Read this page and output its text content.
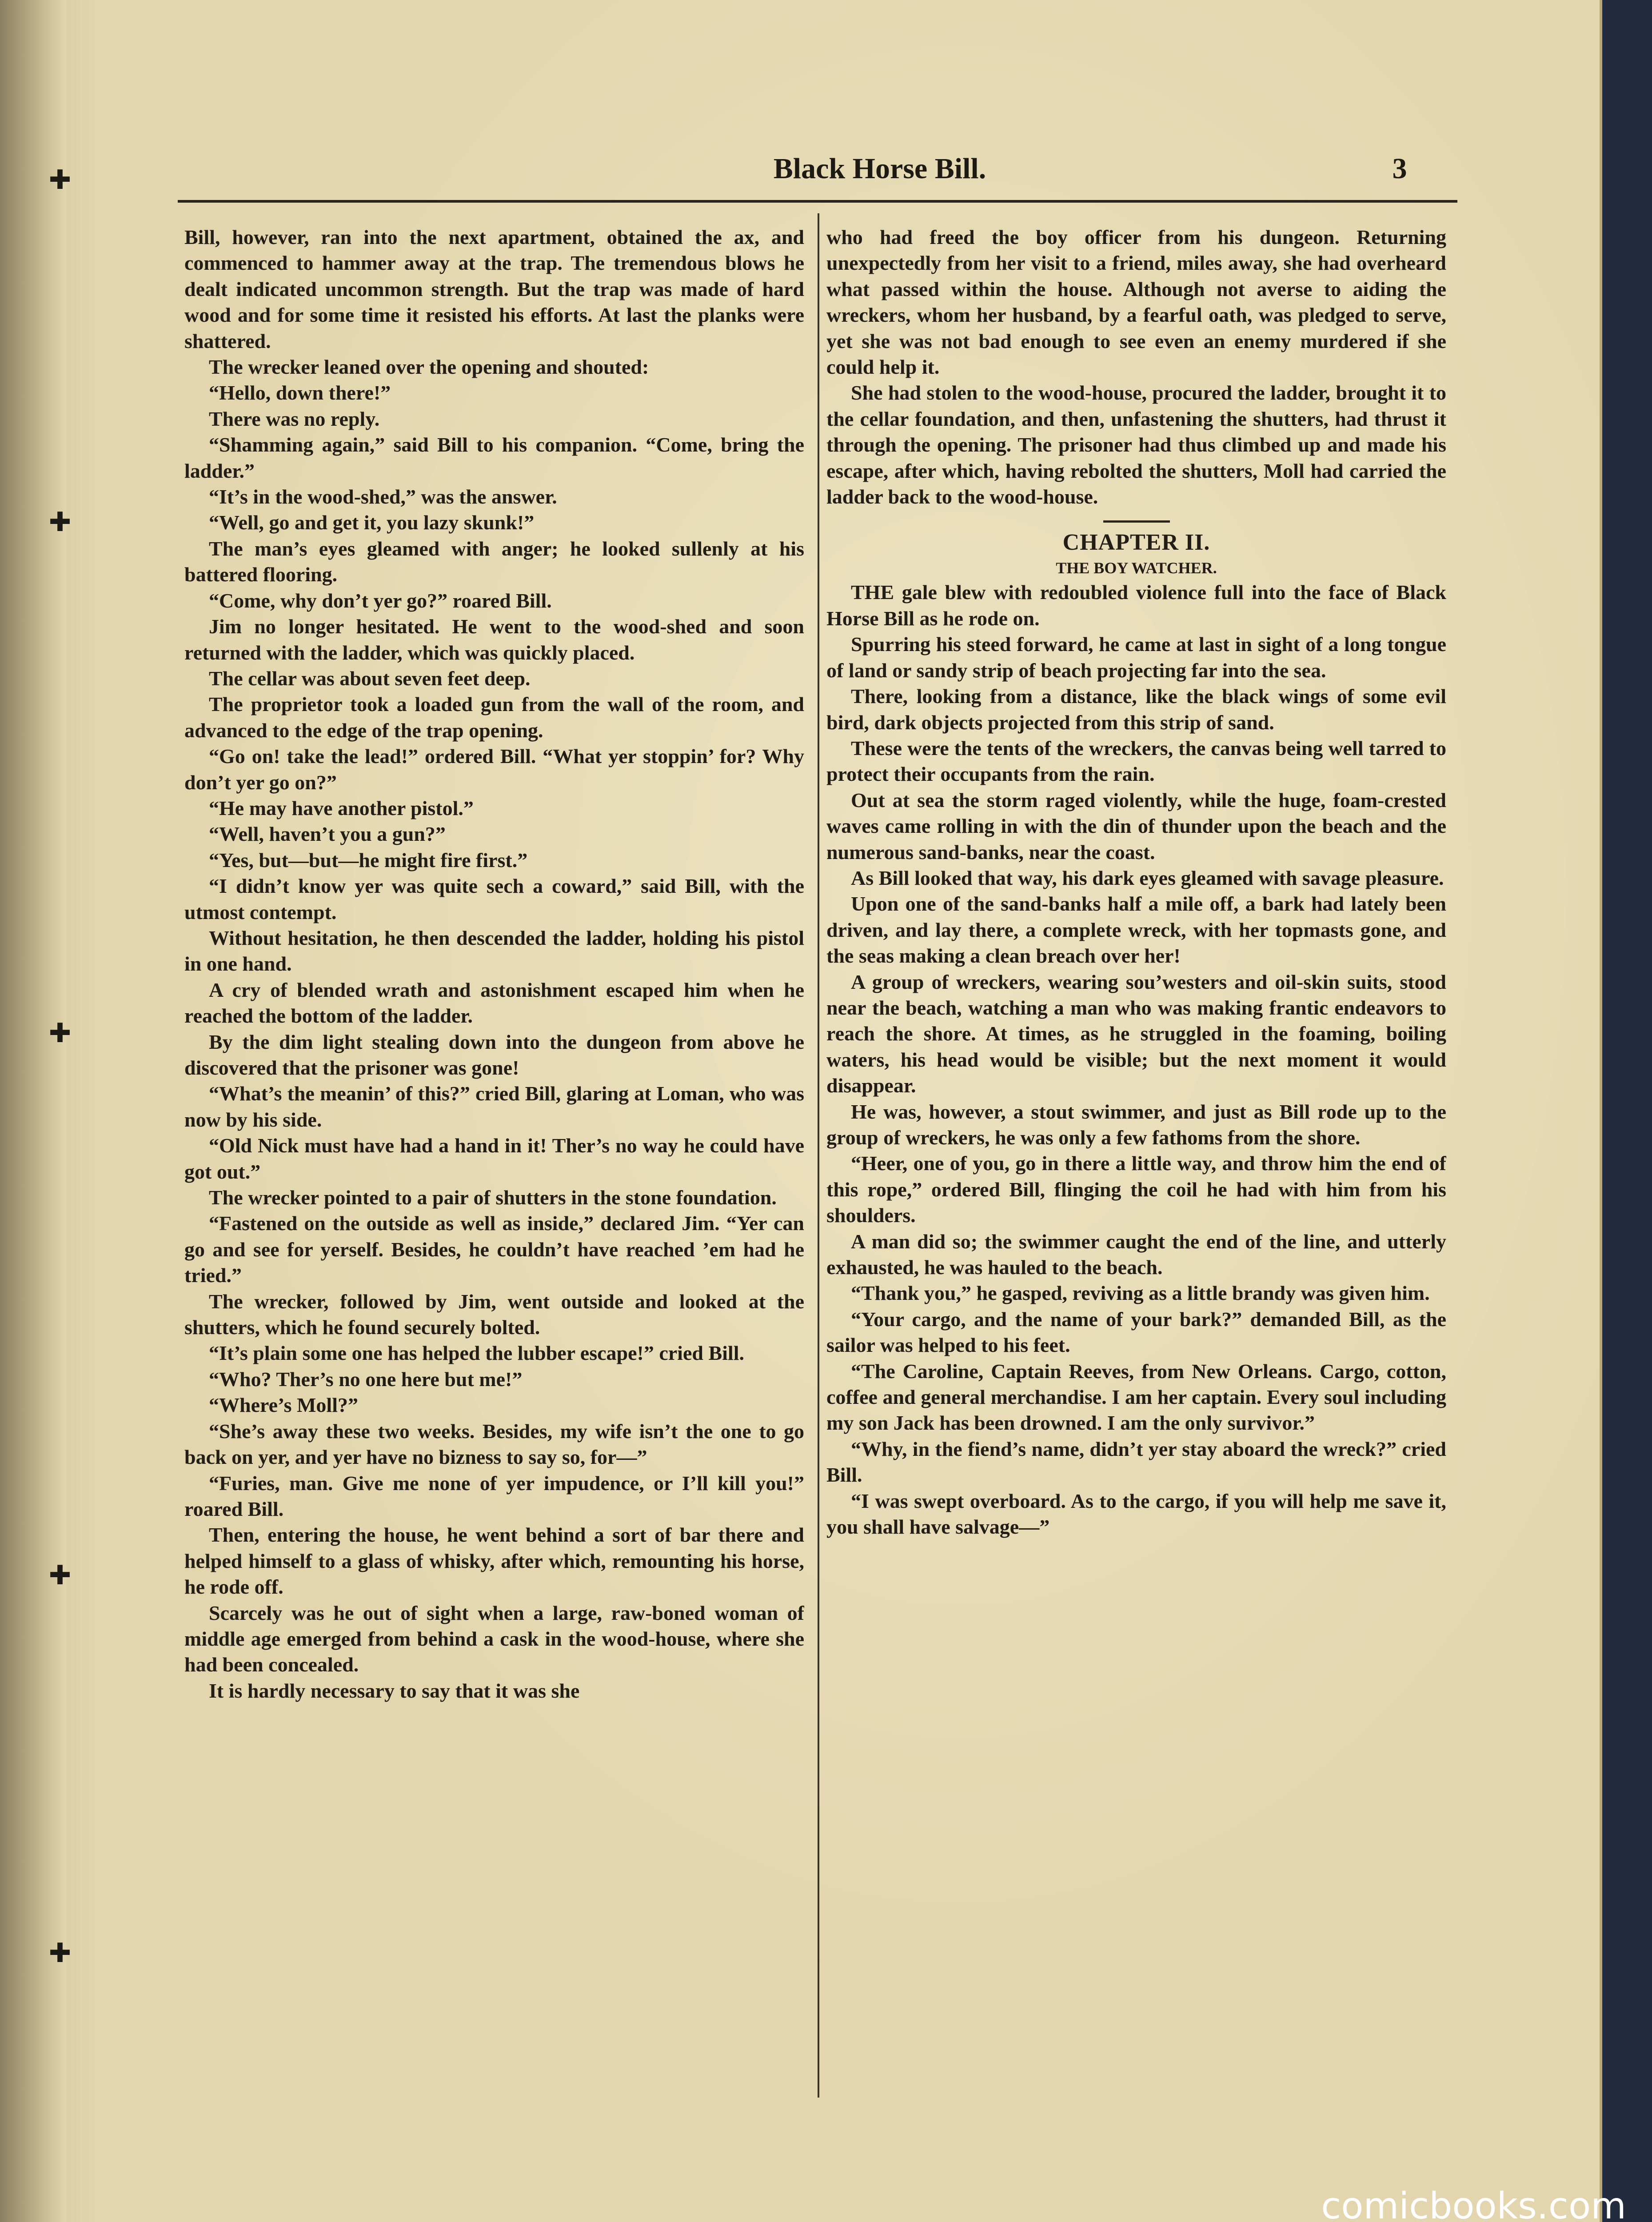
✚
✚
✚
✚
✚
Black Horse Bill.	3

Bill, however, ran into the next apartment, obtained the ax, and commenced to hammer away at the trap. The tremendous blows he dealt indicated uncommon strength. But the trap was made of hard wood and for some time it resisted his efforts. At last the planks were shattered.

The wrecker leaned over the opening and shouted:

“Hello, down there!”

There was no reply.

“Shamming again,” said Bill to his companion. “Come, bring the ladder.”

“It’s in the wood-shed,” was the answer.

“Well, go and get it, you lazy skunk!”

The man’s eyes gleamed with anger; he looked sullenly at his battered flooring.

“Come, why don’t yer go?” roared Bill.

Jim no longer hesitated. He went to the wood-shed and soon returned with the ladder, which was quickly placed.

The cellar was about seven feet deep.

The proprietor took a loaded gun from the wall of the room, and advanced to the edge of the trap opening.

“Go on! take the lead!” ordered Bill. “What yer stoppin’ for? Why don’t yer go on?”

“He may have another pistol.”

“Well, haven’t you a gun?”

“Yes, but—but—he might fire first.”

“I didn’t know yer was quite sech a coward,” said Bill, with the utmost contempt.

Without hesitation, he then descended the ladder, holding his pistol in one hand.

A cry of blended wrath and astonishment escaped him when he reached the bottom of the ladder.

By the dim light stealing down into the dungeon from above he discovered that the prisoner was gone!

“What’s the meanin’ of this?” cried Bill, glaring at Loman, who was now by his side.

“Old Nick must have had a hand in it! Ther’s no way he could have got out.”

The wrecker pointed to a pair of shutters in the stone foundation.

“Fastened on the outside as well as inside,” declared Jim. “Yer can go and see for yerself. Besides, he couldn’t have reached ’em had he tried.”

The wrecker, followed by Jim, went outside and looked at the shutters, which he found securely bolted.

“It’s plain some one has helped the lubber escape!” cried Bill.

“Who? Ther’s no one here but me!”

“Where’s Moll?”

“She’s away these two weeks. Besides, my wife isn’t the one to go back on yer, and yer have no bizness to say so, for—”

“Furies, man. Give me none of yer impudence, or I’ll kill you!” roared Bill.

Then, entering the house, he went behind a sort of bar there and helped himself to a glass of whisky, after which, remounting his horse, he rode off.

Scarcely was he out of sight when a large, raw-boned woman of middle age emerged from behind a cask in the wood-house, where she had been concealed.

It is hardly necessary to say that it was she

who had freed the boy officer from his dungeon. Returning unexpectedly from her visit to a friend, miles away, she had overheard what passed within the house. Although not averse to aiding the wreckers, whom her husband, by a fearful oath, was pledged to serve, yet she was not bad enough to see even an enemy murdered if she could help it.

She had stolen to the wood-house, procured the ladder, brought it to the cellar foundation, and then, unfastening the shutters, had thrust it through the opening. The prisoner had thus climbed up and made his escape, after which, having rebolted the shutters, Moll had carried the ladder back to the wood-house.

CHAPTER II.
THE BOY WATCHER.

THE gale blew with redoubled violence full into the face of Black Horse Bill as he rode on.

Spurring his steed forward, he came at last in sight of a long tongue of land or sandy strip of beach projecting far into the sea.

There, looking from a distance, like the black wings of some evil bird, dark objects projected from this strip of sand.

These were the tents of the wreckers, the canvas being well tarred to protect their occupants from the rain.

Out at sea the storm raged violently, while the huge, foam-crested waves came rolling in with the din of thunder upon the beach and the numerous sand-banks, near the coast.

As Bill looked that way, his dark eyes gleamed with savage pleasure.

Upon one of the sand-banks half a mile off, a bark had lately been driven, and lay there, a complete wreck, with her topmasts gone, and the seas making a clean breach over her!

A group of wreckers, wearing sou’westers and oil-skin suits, stood near the beach, watching a man who was making frantic endeavors to reach the shore. At times, as he struggled in the foaming, boiling waters, his head would be visible; but the next moment it would disappear.

He was, however, a stout swimmer, and just as Bill rode up to the group of wreckers, he was only a few fathoms from the shore.

“Heer, one of you, go in there a little way, and throw him the end of this rope,” ordered Bill, flinging the coil he had with him from his shoulders.

A man did so; the swimmer caught the end of the line, and utterly exhausted, he was hauled to the beach.

“Thank you,” he gasped, reviving as a little brandy was given him.

“Your cargo, and the name of your bark?” demanded Bill, as the sailor was helped to his feet.

“The Caroline, Captain Reeves, from New Orleans. Cargo, cotton, coffee and general merchandise. I am her captain. Every soul including my son Jack has been drowned. I am the only survivor.”

“Why, in the fiend’s name, didn’t yer stay aboard the wreck?” cried Bill.

“I was swept overboard. As to the cargo, if you will help me save it, you shall have salvage—”

comicbooks.com
